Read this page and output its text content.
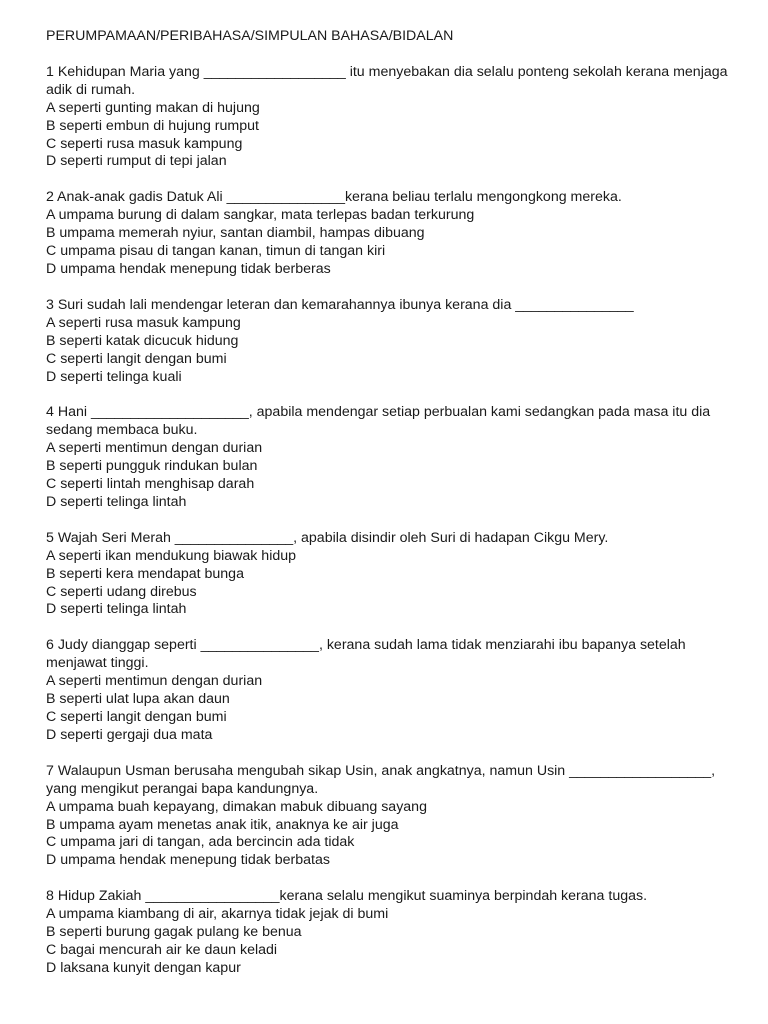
PERUMPAMAAN/PERIBAHASA/SIMPULAN BAHASA/BIDALAN

1 Kehidupan Maria yang __________________ itu menyebakan dia selalu ponteng sekolah kerana menjaga adik di rumah.

A seperti gunting makan di hujung

B seperti embun di hujung rumput

C seperti rusa masuk kampung

D seperti rumput di tepi jalan

2 Anak-anak gadis Datuk Ali _______________kerana beliau terlalu mengongkong mereka.

A umpama burung di dalam sangkar, mata terlepas badan terkurung

B umpama memerah nyiur, santan diambil, hampas dibuang

C umpama pisau di tangan kanan, timun di tangan kiri

D umpama hendak menepung tidak berberas

3 Suri sudah lali mendengar leteran dan kemarahannya ibunya kerana dia _______________

A seperti rusa masuk kampung

B seperti katak dicucuk hidung

C seperti langit dengan bumi

D seperti telinga kuali

4 Hani ____________________, apabila mendengar setiap perbualan kami sedangkan pada masa itu dia sedang membaca buku.

A seperti mentimun dengan durian

B seperti pungguk rindukan bulan

C seperti lintah menghisap darah

D seperti telinga lintah

5 Wajah Seri Merah _______________, apabila disindir oleh Suri di hadapan Cikgu Mery.

A seperti ikan mendukung biawak hidup

B seperti kera mendapat bunga

C seperti udang direbus

D seperti telinga lintah

6 Judy dianggap seperti _______________, kerana sudah lama tidak menziarahi ibu bapanya setelah menjawat tinggi.

A seperti mentimun dengan durian

B seperti ulat lupa akan daun

C seperti langit dengan bumi

D seperti gergaji dua mata

7 Walaupun Usman berusaha mengubah sikap Usin, anak angkatnya, namun Usin __________________, yang mengikut perangai bapa kandungnya.

A umpama buah kepayang, dimakan mabuk dibuang sayang

B umpama ayam menetas anak itik, anaknya ke air juga

C umpama jari di tangan, ada bercincin ada tidak

D umpama hendak menepung tidak berbatas

8 Hidup Zakiah _________________kerana selalu mengikut suaminya berpindah kerana tugas.

A umpama kiambang di air, akarnya tidak jejak di bumi

B seperti burung gagak pulang ke benua

C bagai mencurah air ke daun keladi

D laksana kunyit dengan kapur
